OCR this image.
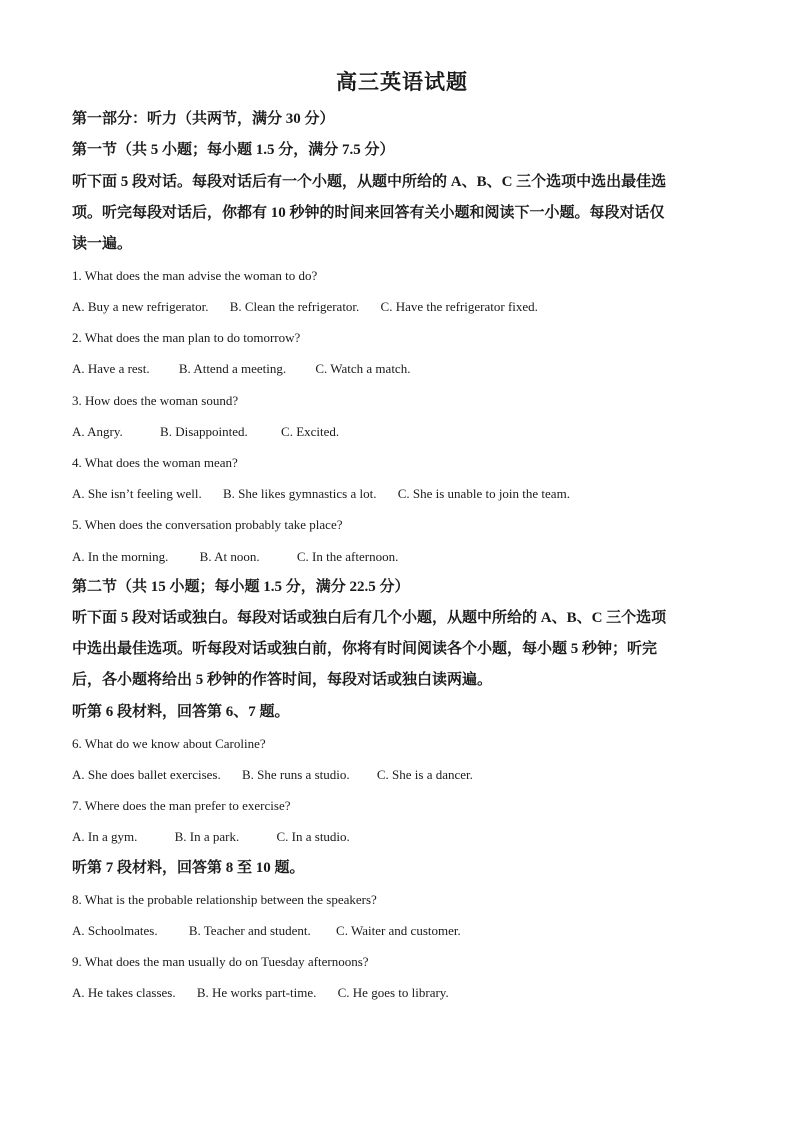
高三英语试题
第一部分：听力（共两节，满分 30 分）
第一节（共 5 小题；每小题 1.5 分，满分 7.5 分）
听下面 5 段对话。每段对话后有一个小题，从题中所给的 A、B、C 三个选项中选出最佳选
项。听完每段对话后，你都有 10 秒钟的时间来回答有关小题和阅读下一小题。每段对话仅
读一遍。
1. What does the man advise the woman to do?
A. Buy a new refrigerator. B. Clean the refrigerator. C. Have the refrigerator fixed.
2. What does the man plan to do tomorrow?
A. Have a rest. B. Attend a meeting. C. Watch a match.
3. How does the woman sound?
A. Angry.	B. Disappointed.	C. Excited.
4. What does the woman mean?
A. She isn’t feeling well. B. She likes gymnastics a lot. C. She is unable to join the team.
5. When does the conversation probably take place?
A. In the morning. B. At noon.	C. In the afternoon.
第二节（共 15 小题；每小题 1.5 分，满分 22.5 分）
听下面 5 段对话或独白。每段对话或独白后有几个小题，从题中所给的 A、B、C 三个选项
中选出最佳选项。听每段对话或独白前，你将有时间阅读各个小题，每小题 5 秒钟；听完
后，各小题将给出 5 秒钟的作答时间，每段对话或独白读两遍。
听第 6 段材料，回答第 6、7 题。
6. What do we know about Caroline?
A. She does ballet exercises. B. She runs a studio. C. She is a dancer.
7. Where does the man prefer to exercise?
A. In a gym.	B. In a park.	C. In a studio.
听第 7 段材料，回答第 8 至 10 题。
8. What is the probable relationship between the speakers?
A. Schoolmates. B. Teacher and student. C. Waiter and customer.
9. What does the man usually do on Tuesday afternoons?
A. He takes classes. B. He works part-time. C. He goes to library.
